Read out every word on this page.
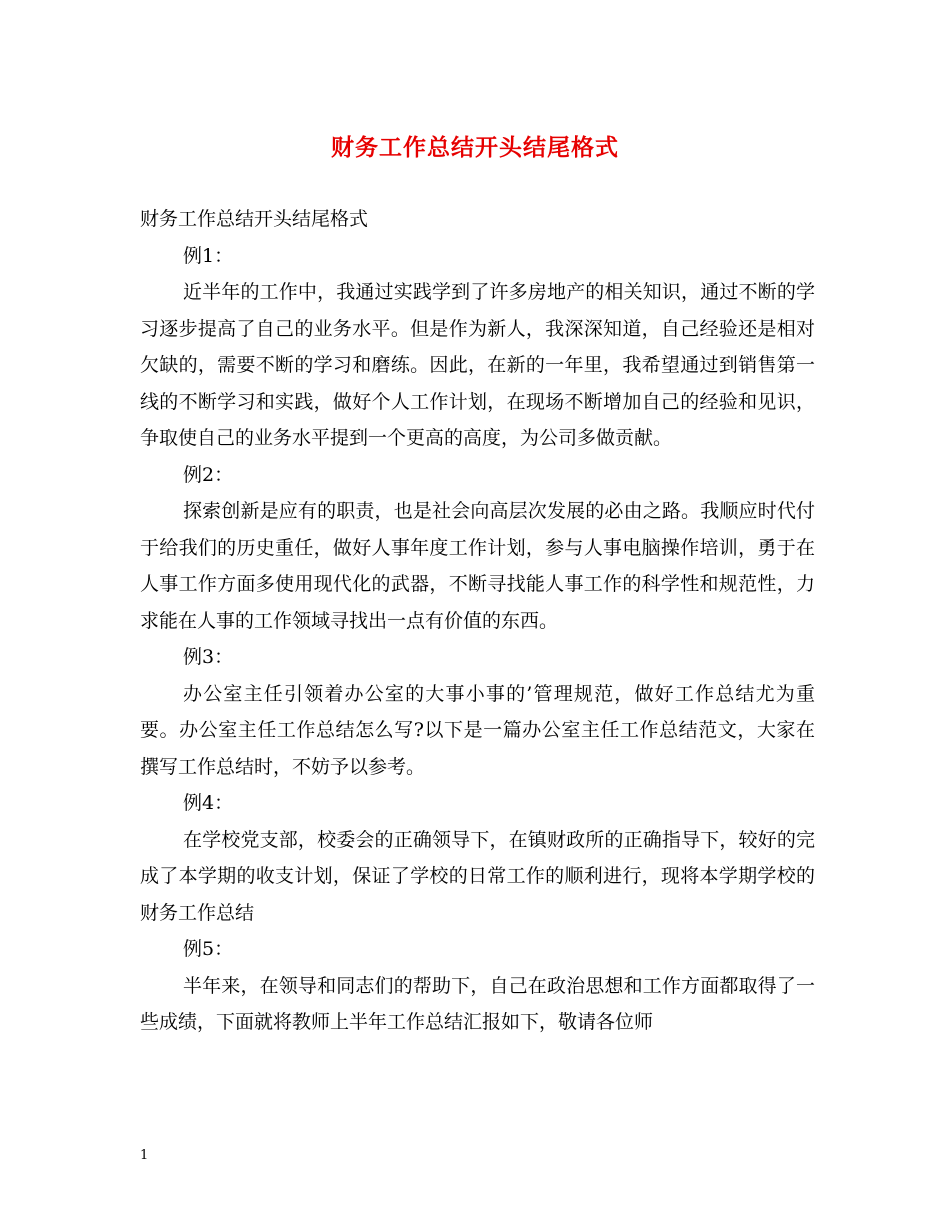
财务工作总结开头结尾格式

财务工作总结开头结尾格式

例1：

近半年的工作中，我通过实践学到了许多房地产的相关知识，通过不断的学习逐步提高了自己的业务水平。但是作为新人，我深深知道，自己经验还是相对欠缺的，需要不断的学习和磨练。因此，在新的一年里，我希望通过到销售第一线的不断学习和实践，做好个人工作计划，在现场不断增加自己的经验和见识，争取使自己的业务水平提到一个更高的高度，为公司多做贡献。

例2：

探索创新是应有的职责，也是社会向高层次发展的必由之路。我顺应时代付于给我们的历史重任，做好人事年度工作计划，参与人事电脑操作培训，勇于在人事工作方面多使用现代化的武器，不断寻找能人事工作的科学性和规范性，力求能在人事的工作领域寻找出一点有价值的东西。

例3：

办公室主任引领着办公室的大事小事的’管理规范，做好工作总结尤为重要。办公室主任工作总结怎么写?以下是一篇办公室主任工作总结范文，大家在撰写工作总结时，不妨予以参考。

例4：

在学校党支部，校委会的正确领导下，在镇财政所的正确指导下，较好的完成了本学期的收支计划，保证了学校的日常工作的顺利进行，现将本学期学校的财务工作总结

例5：

半年来，在领导和同志们的帮助下，自己在政治思想和工作方面都取得了一些成绩，下面就将教师上半年工作总结汇报如下，敬请各位师

1
